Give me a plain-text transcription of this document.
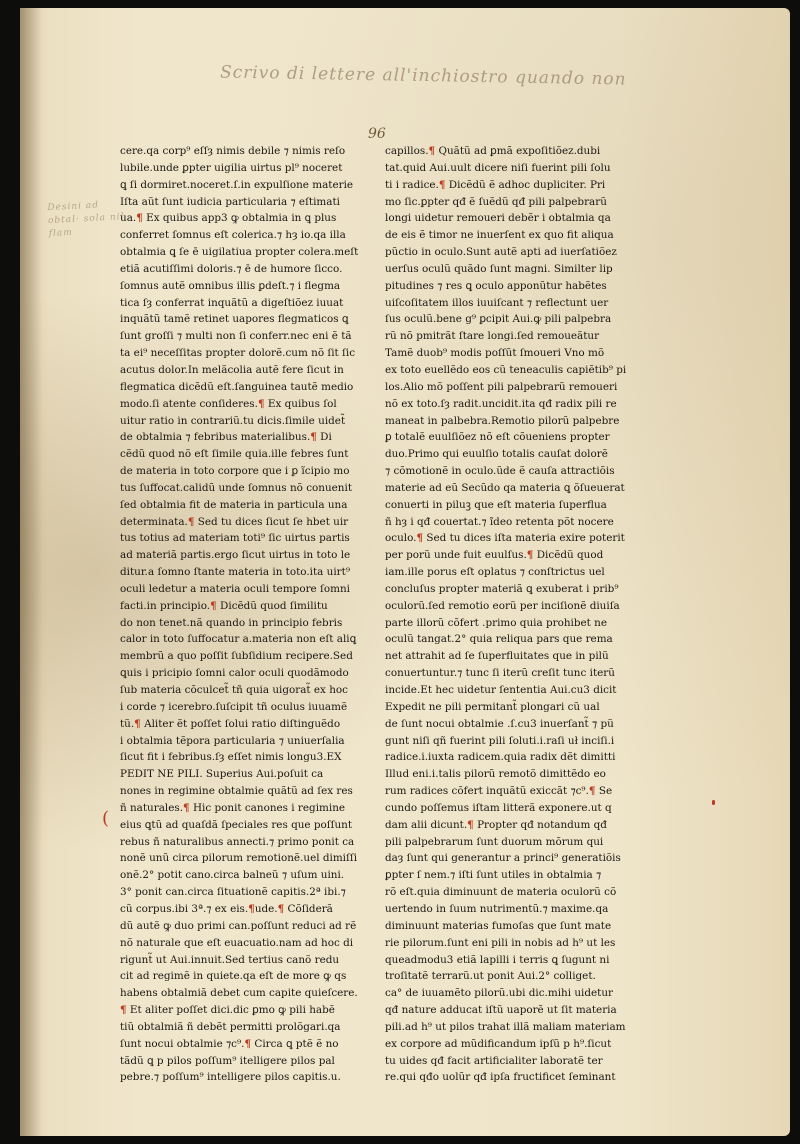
Scrivo di lettere all'inchiostro quando non
Desini ad obtal· sola nil flam
96
cere.qa corp⁹ eſſȝ nimis debile ⁊ nimis reſo
lubile.unde ꝑpter uigilia uirtus pl⁹ noceret
ꝗ ſi dormiret.noceret.ſ.in expulſione materie
Iſta aũt ſunt iudicia particularia ⁊ eſtimati
ua.¶ Ex quibus app3 ꝙ obtalmia in ꝗ plus
conferret ſomnus eſt colerica.⁊ hȝ io.qa illa
obtalmia ꝗ ſe ē uigilatiua propter colera.meſt
etiã acutiſſimi doloris.⁊ ē de humore ſicco.
ſomnus autẽ omnibus illis ꝑdeſt.⁊ i flegma
tica ſȝ conferrat inquãtũ a digeſtiõez iuuat
inquãtũ tamẽ retinet uapores flegmaticos ꝗ
ſunt groſſi ⁊ multi non ſi conferr.nec eni ẽ tã
ta ei⁹ neceſſitas propter dolorẽ.cum nõ ſit ſic
acutus dolor.In melãcolia autẽ fere ſicut in
flegmatica dicẽdũ eſt.ſanguinea tautẽ medio
modo.ſi atente conſideres.¶ Ex quibus ſol
uitur ratio in contrariũ.tu dicis.ſimile uidet̃
de obtalmia ⁊ febribus materialibus.¶ Di
cẽdũ quod nõ eſt ſimile quia.ille febres ſunt
de materia in toto corpore que i ꝑ ĩcipio mo
tus ſuffocat.calidũ unde ſomnus nõ conuenit
ſed obtalmia fit de materia in particula una
determinata.¶ Sed tu dices ſicut ſe hbet uir
tus totius ad materiam toti⁹ ſic uirtus partis
ad materiã partis.ergo ſicut uirtus in toto le
ditur.a ſomno ſtante materia in toto.ita uirt⁹
oculi ledetur a materia oculi tempore ſomni
facti.in principio.¶ Dicẽdũ quod ſimilitu
do non tenet.nã quando in principio febris
calor in toto ſuffocatur a.materia non eſt aliꝗ
membrũ a quo poſſit ſubſidium recipere.Sed
ꝗuis i pricipio ſomni calor oculi quodãmodo
ſub materia cõculcet̃ tñ quia uigorat̃ ex hoc
i corde ⁊ icerebro.ſuſcipit tñ oculus iuuamẽ
tũ.¶ Aliter ẽt poſſet ſolui ratio diſtinguẽdo
i obtalmia tẽpora particularia ⁊ uniuerſalia
ſicut fit i febribus.ſȝ eſſet nimis longu3.EX
PEDIT NE PILI. Superius Aui.poſuit ca
nones in regimine obtalmie quãtũ ad ſex res
ñ naturales.¶ Hic ponit canones i regimine
eius ꝗtũ ad quaſdã ſpeciales res que poſſunt
rebus ñ naturalibus annecti.⁊ primo ponit ca
nonẽ unũ circa pilorum remotionẽ.uel dimiſſi
onẽ.2° potit cano.circa balneũ ⁊ uſum uini.
3° ponit can.circa ſituationẽ capitis.2ª ibi.⁊
cũ corpus.ibi 3ª.⁊ ex eis.¶ude.¶ Cõſiderã
dũ autẽ ꝙ duo primi can.poſſunt reduci ad rẽ
nõ naturale que eſt euacuatio.nam ad hoc di
rigunt̃ ut Aui.innuit.Sed tertius canõ redu
cit ad regimẽ in quiete.qa eſt de more ꝙ qs
habens obtalmiã debet cum capite quieſcere.
¶ Et aliter poſſet dici.dic ꝑmo ꝙ pili habẽ
tiũ obtalmiã ñ debẽt permitti prolõgari.qa
ſunt nocui obtalmie ⁊c⁹.¶ Circa ꝗ ptẽ ẽ no
tãdũ ꝗ p pilos poſſum⁹ itelligere pilos pal
pebre.⁊ poſſum⁹ intelligere pilos capitis.u.
capillos.¶ Quãtũ ad ꝑmã expoſitiõez.dubi
tat.quid Aui.uult dicere niſi fuerint pili ſolu
ti i radice.¶ Dicẽdũ ẽ adhoc dupliciter. Pri
mo ſic.ꝑpter qđ ẽ ſuẽdũ qđ pili palpebrarũ
longi uidetur remoueri debẽr i obtalmia qa
de eis ẽ timor ne inuerſent ex quo fit aliqua
pũctio in oculo.Sunt autẽ apti ad iuerſatiõez
uerſus oculũ quãdo ſunt magni. Similter lip
pitudines ⁊ res ꝗ oculo apponũtur habẽtes
uiſcoſitatem illos iuuiſcant ⁊ reflectunt uer
ſus oculũ.bene g⁹ ꝑcipit Aui.ꝙ pili palpebra
rũ nõ pmitrãt ſtare longi.ſed remoueãtur
Tamẽ duob⁹ modis poſſũt ſmoueri Vno mõ
ex toto euellẽdo eos cũ teneaculis capiẽtib⁹ pi
los.Alio mõ poſſent pili palpebrarũ remoueri
nõ ex toto.ſȝ radit.uncidit.ita qđ radix pili re
maneat in palbebra.Remotio pilorũ palpebre
ꝑ totalẽ euulſiõez nõ eſt cõueniens propter
duo.Primo qui euulſio totalis cauſat dolorẽ
⁊ cõmotionẽ in oculo.ũde ẽ cauſa attractiõis
materie ad eũ Secũdo qa materia ꝗ õſueuerat
conuerti in piluꝫ que eſt materia ſuperflua
ñ hȝ i qđ couertat.⁊ ĩdeo retenta põt nocere
oculo.¶ Sed tu dices iſta materia exire poterit
per porũ unde fuit euulſus.¶ Dicẽdũ quod
iam.ille porus eſt oplatus ⁊ conſtrictus uel
concluſus propter materiã ꝗ exuberat i prib⁹
oculorũ.ſed remotio eorũ per inciſionẽ diuiſa
parte illorũ cõfert .primo quia prohibet ne
oculũ tangat.2° quia reliqua pars que rema
net attrahit ad ſe ſuperfluitates que in pilũ
conuertuntur.⁊ tunc ſi iterũ creſit tunc iterũ
incide.Et hec uidetur ſententia Aui.cu3 dicit
Expedit ne pili permitant̃ plongari cũ ual
de ſunt nocui obtalmie .ſ.cu3 inuerſant̃ ⁊ pũ
gunt niſi qñ fuerint pili ſoluti.i.raſi uł inciſi.i
radice.i.iuxta radicem.quia radix dẽt dimitti
Illud eni.i.talis pilorũ remotõ dimittẽdo eo
rum radices cõfert inquãtũ exiccãt ⁊c⁹.¶ Se
cundo poſſemus iſtam litterã exponere.ut q
dam alii dicunt.¶ Propter qđ notandum qđ
pili palpebrarum ſunt duorum mõrum qui
daȝ ſunt qui generantur a princi⁹ generatiõis
ꝑpter ſ nem.⁊ iſti ſunt utiles in obtalmia ⁊
rõ eſt.quia diminuunt de materia oculorũ cõ
uertendo in ſuum nutrimentũ.⁊ maxime.qa
diminuunt materias fumoſas que ſunt mate
rie pilorum.ſunt eni pili in nobis ad h⁹ ut les
queadmodu3 etiã lapilli i terris ꝗ ſugunt ni
troſitatẽ terrarũ.ut ponit Aui.2° colliget.
ca° de iuuamẽto pilorũ.ubi dic.mihi uidetur
qđ nature adducat iſtũ uaporẽ ut ſit materia
pili.ad h⁹ ut pilos trahat illã maliam materiam
ex corpore ad mũdificandum ipſũ p h⁹.ſicut
tu uides qđ facit artificialiter laboratẽ ter
re.qui qđo uolũr qđ ipſa fructificet ſeminant
(
